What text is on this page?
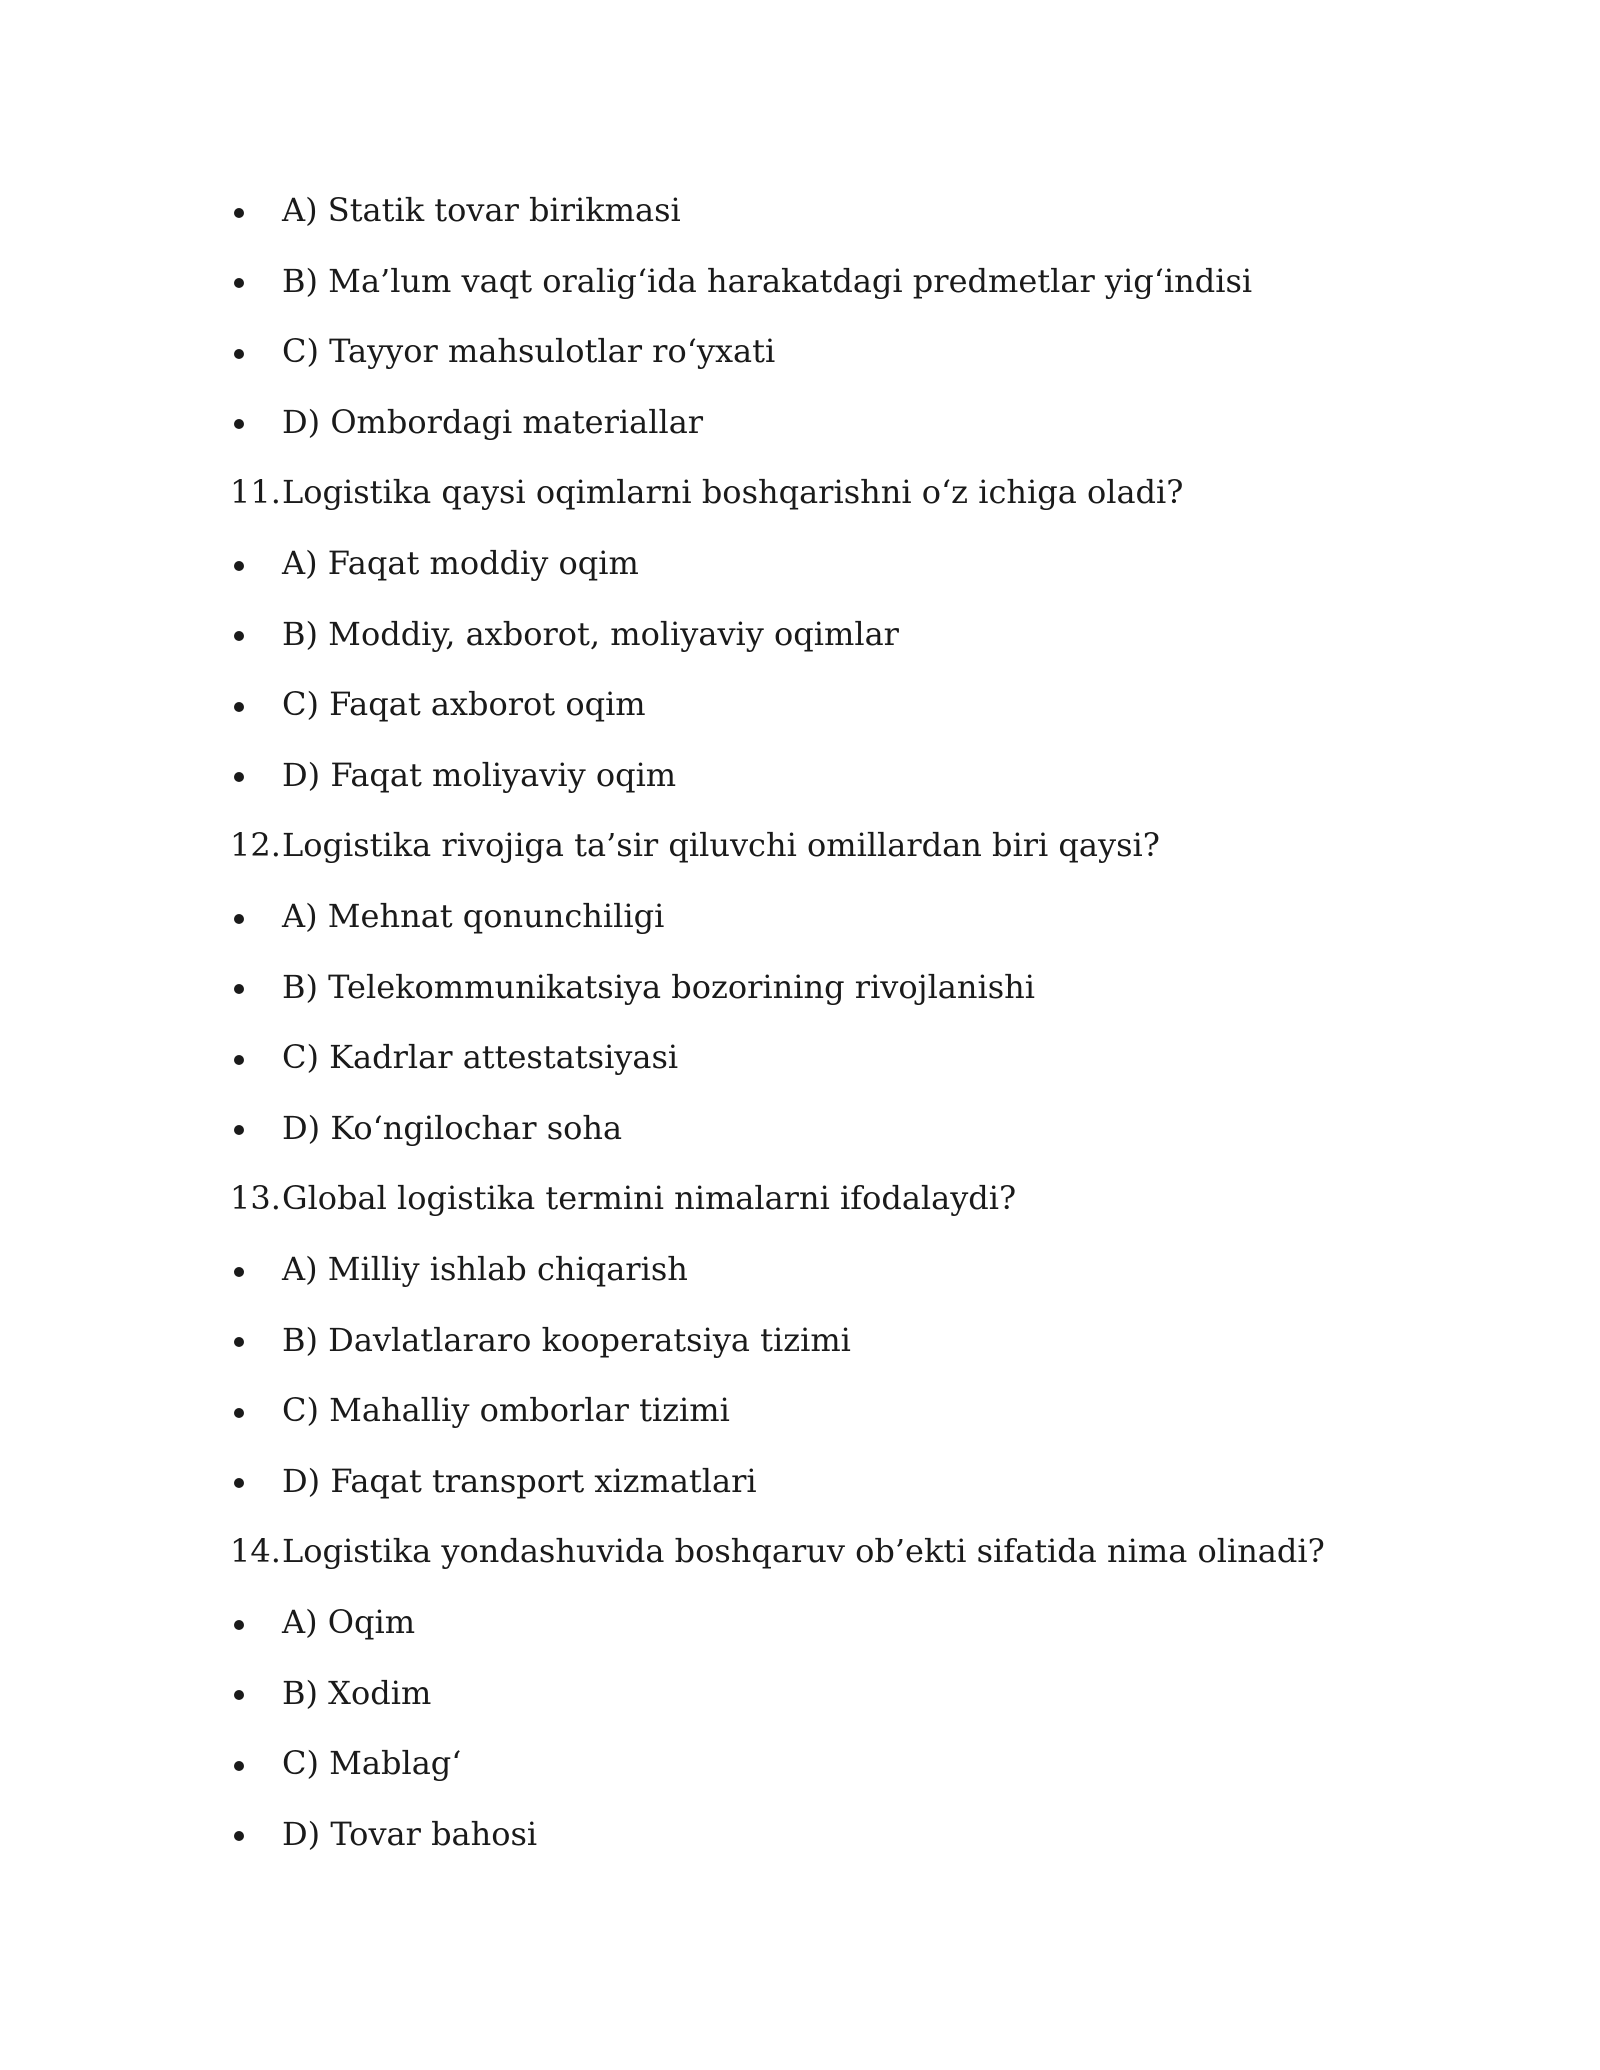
A) Statik tovar birikmasi
B) Ma’lum vaqt oralig‘ida harakatdagi predmetlar yig‘indisi
C) Tayyor mahsulotlar ro‘yxati
D) Ombordagi materiallar
11. Logistika qaysi oqimlarni boshqarishni o‘z ichiga oladi?
A) Faqat moddiy oqim
B) Moddiy, axborot, moliyaviy oqimlar
C) Faqat axborot oqim
D) Faqat moliyaviy oqim
12. Logistika rivojiga ta’sir qiluvchi omillardan biri qaysi?
A) Mehnat qonunchiligi
B) Telekommunikatsiya bozorining rivojlanishi
C) Kadrlar attestatsiyasi
D) Ko‘ngilochar soha
13. Global logistika termini nimalarni ifodalaydi?
A) Milliy ishlab chiqarish
B) Davlatlararo kooperatsiya tizimi
C) Mahalliy omborlar tizimi
D) Faqat transport xizmatlari
14. Logistika yondashuvida boshqaruv ob’ekti sifatida nima olinadi?
A) Oqim
B) Xodim
C) Mablag‘
D) Tovar bahosi
